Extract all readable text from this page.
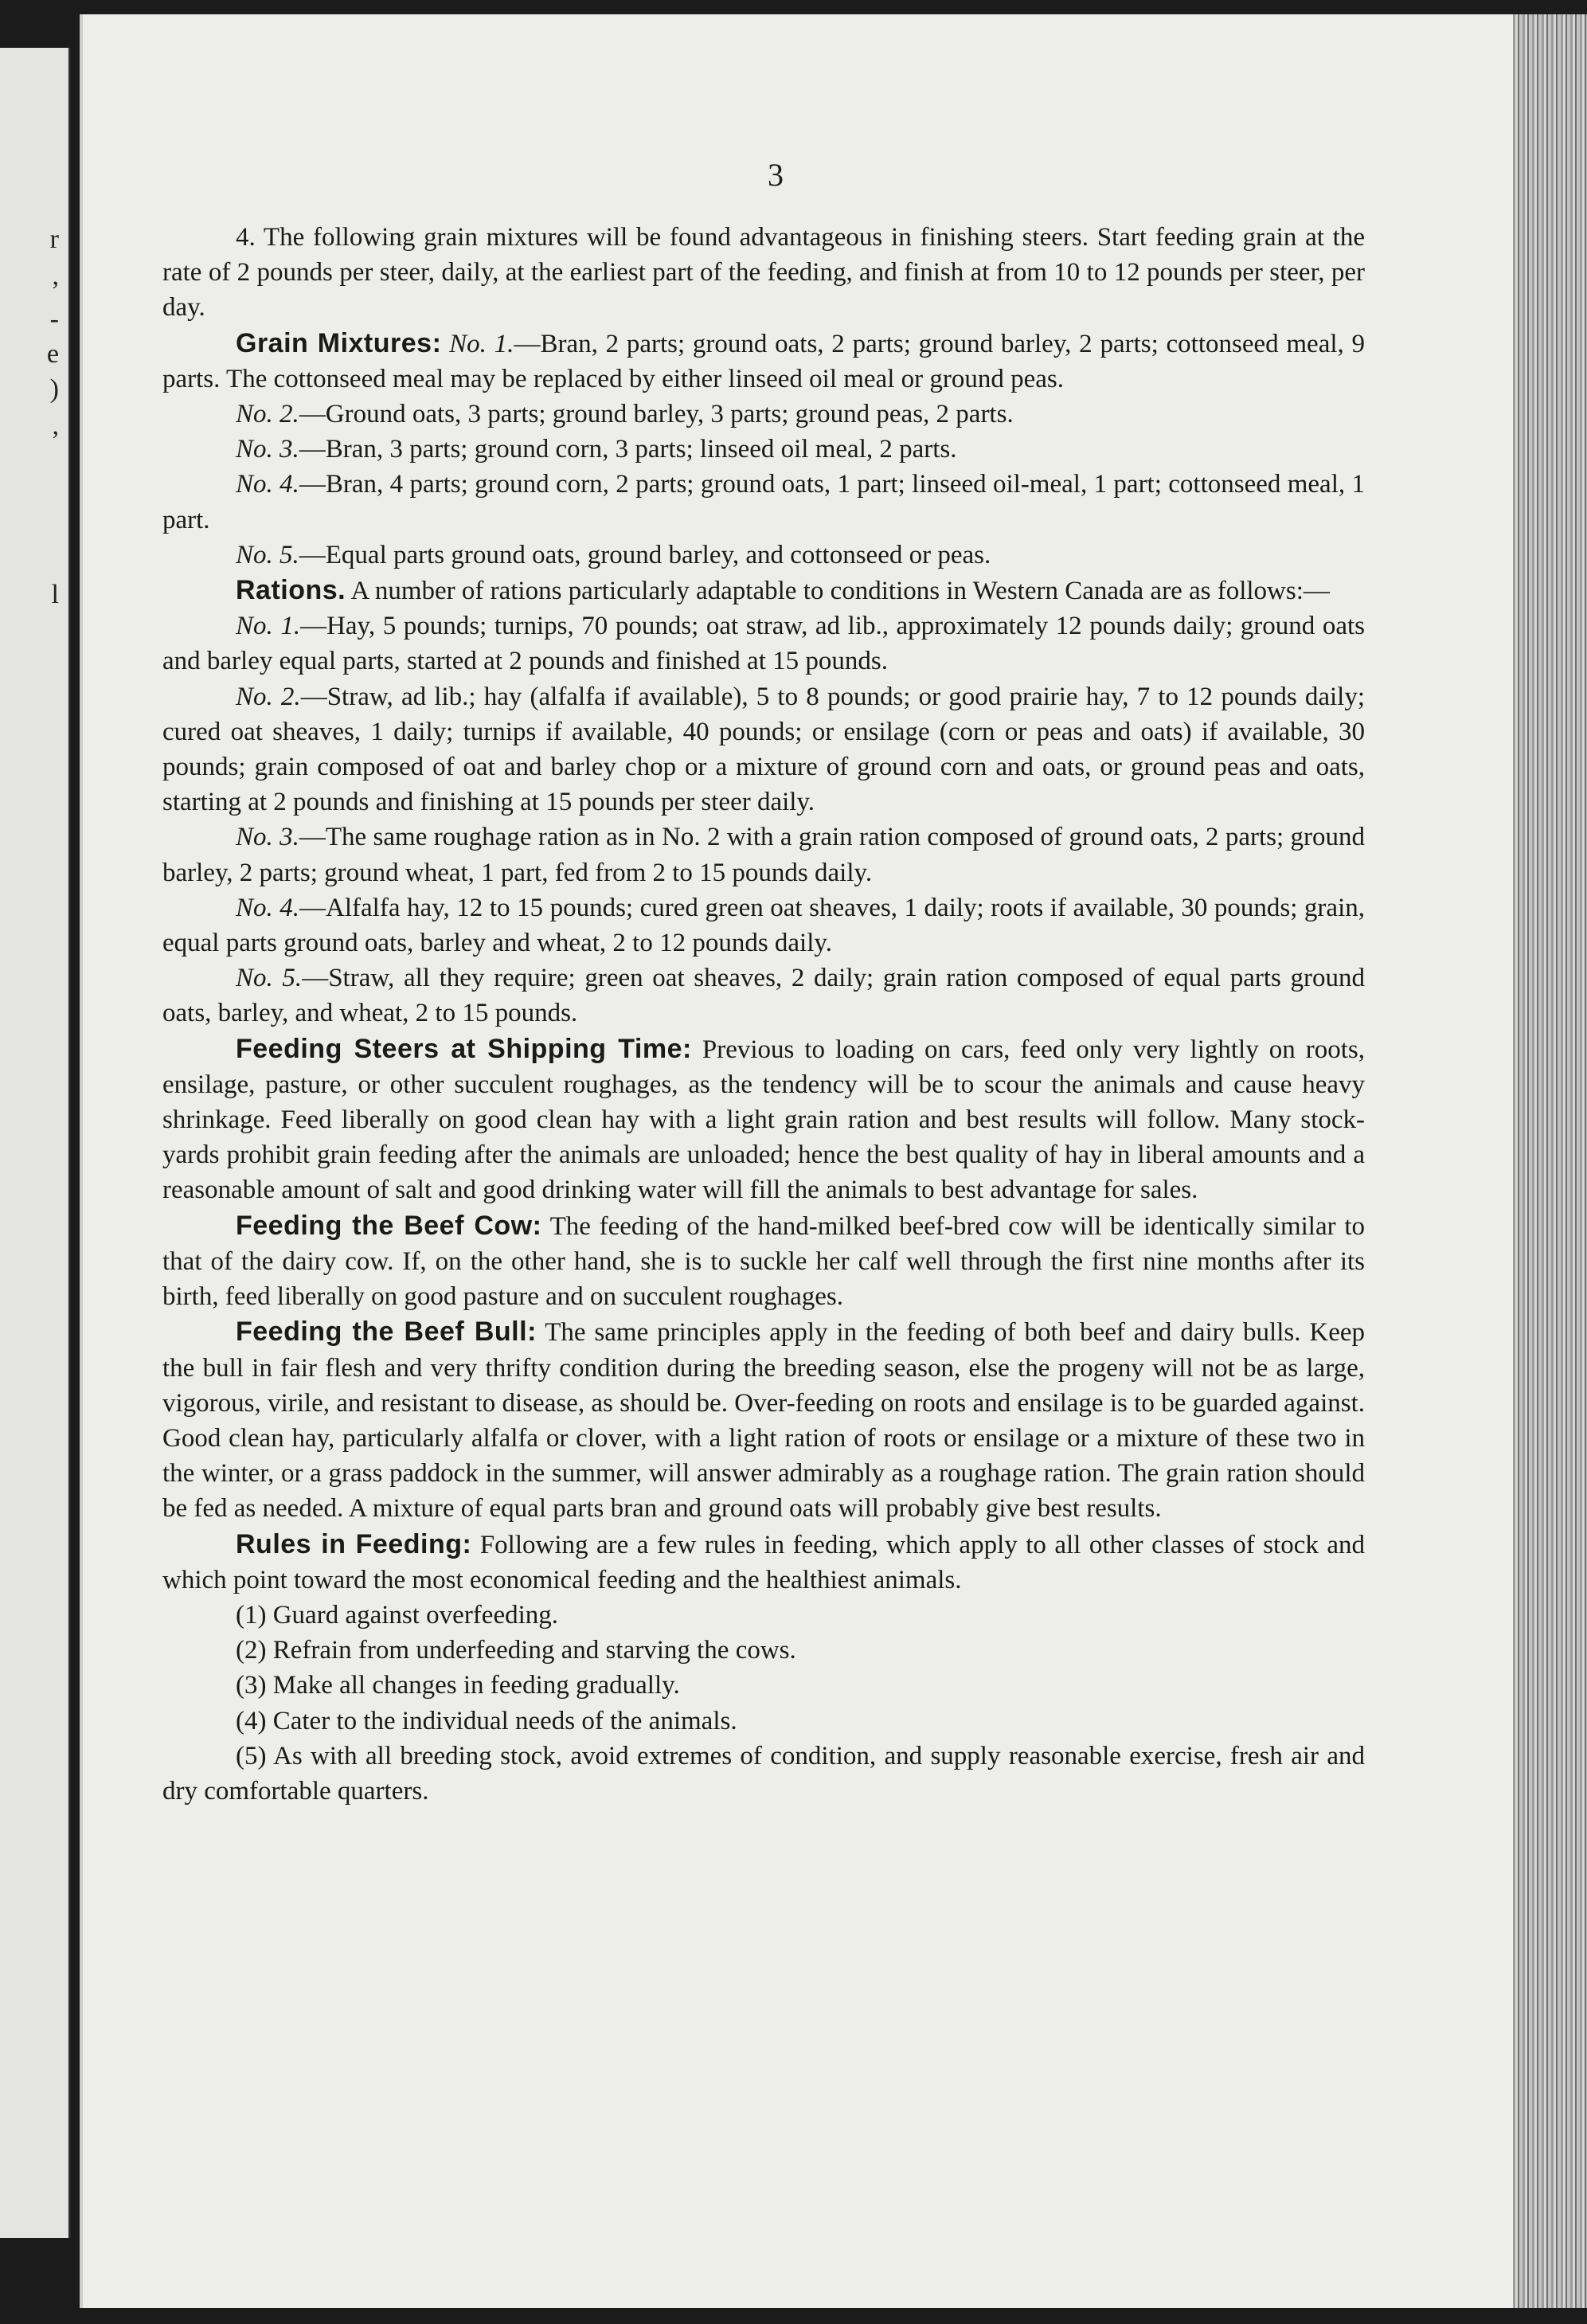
r
,
-
e
)
,
l
3

4. The following grain mixtures will be found advantageous in finishing steers. Start feeding grain at the rate of 2 pounds per steer, daily, at the earliest part of the feeding, and finish at from 10 to 12 pounds per steer, per day.

Grain Mixtures: No. 1.—Bran, 2 parts; ground oats, 2 parts; ground barley, 2 parts; cottonseed meal, 9 parts. The cottonseed meal may be replaced by either linseed oil meal or ground peas.

No. 2.—Ground oats, 3 parts; ground barley, 3 parts; ground peas, 2 parts.

No. 3.—Bran, 3 parts; ground corn, 3 parts; linseed oil meal, 2 parts.

No. 4.—Bran, 4 parts; ground corn, 2 parts; ground oats, 1 part; linseed oil-meal, 1 part; cottonseed meal, 1 part.

No. 5.—Equal parts ground oats, ground barley, and cottonseed or peas.

Rations. A number of rations particularly adaptable to conditions in Western Canada are as follows:—

No. 1.—Hay, 5 pounds; turnips, 70 pounds; oat straw, ad lib., approximately 12 pounds daily; ground oats and barley equal parts, started at 2 pounds and finished at 15 pounds.

No. 2.—Straw, ad lib.; hay (alfalfa if available), 5 to 8 pounds; or good prairie hay, 7 to 12 pounds daily; cured oat sheaves, 1 daily; turnips if available, 40 pounds; or ensilage (corn or peas and oats) if available, 30 pounds; grain composed of oat and barley chop or a mixture of ground corn and oats, or ground peas and oats, starting at 2 pounds and finishing at 15 pounds per steer daily.

No. 3.—The same roughage ration as in No. 2 with a grain ration composed of ground oats, 2 parts; ground barley, 2 parts; ground wheat, 1 part, fed from 2 to 15 pounds daily.

No. 4.—Alfalfa hay, 12 to 15 pounds; cured green oat sheaves, 1 daily; roots if available, 30 pounds; grain, equal parts ground oats, barley and wheat, 2 to 12 pounds daily.

No. 5.—Straw, all they require; green oat sheaves, 2 daily; grain ration composed of equal parts ground oats, barley, and wheat, 2 to 15 pounds.

Feeding Steers at Shipping Time: Previous to loading on cars, feed only very lightly on roots, ensilage, pasture, or other succulent roughages, as the tendency will be to scour the animals and cause heavy shrinkage. Feed liberally on good clean hay with a light grain ration and best results will follow. Many stock-yards prohibit grain feeding after the animals are unloaded; hence the best quality of hay in liberal amounts and a reasonable amount of salt and good drinking water will fill the animals to best advantage for sales.

Feeding the Beef Cow: The feeding of the hand-milked beef-bred cow will be identically similar to that of the dairy cow. If, on the other hand, she is to suckle her calf well through the first nine months after its birth, feed liberally on good pasture and on succulent roughages.

Feeding the Beef Bull: The same principles apply in the feeding of both beef and dairy bulls. Keep the bull in fair flesh and very thrifty condition during the breeding season, else the progeny will not be as large, vigorous, virile, and resistant to disease, as should be. Over-feeding on roots and ensilage is to be guarded against. Good clean hay, particularly alfalfa or clover, with a light ration of roots or ensilage or a mixture of these two in the winter, or a grass paddock in the summer, will answer admirably as a roughage ration. The grain ration should be fed as needed. A mixture of equal parts bran and ground oats will probably give best results.

Rules in Feeding: Following are a few rules in feeding, which apply to all other classes of stock and which point toward the most economical feeding and the healthiest animals.

(1) Guard against overfeeding.

(2) Refrain from underfeeding and starving the cows.

(3) Make all changes in feeding gradually.

(4) Cater to the individual needs of the animals.

(5) As with all breeding stock, avoid extremes of condition, and supply reasonable exercise, fresh air and dry comfortable quarters.
